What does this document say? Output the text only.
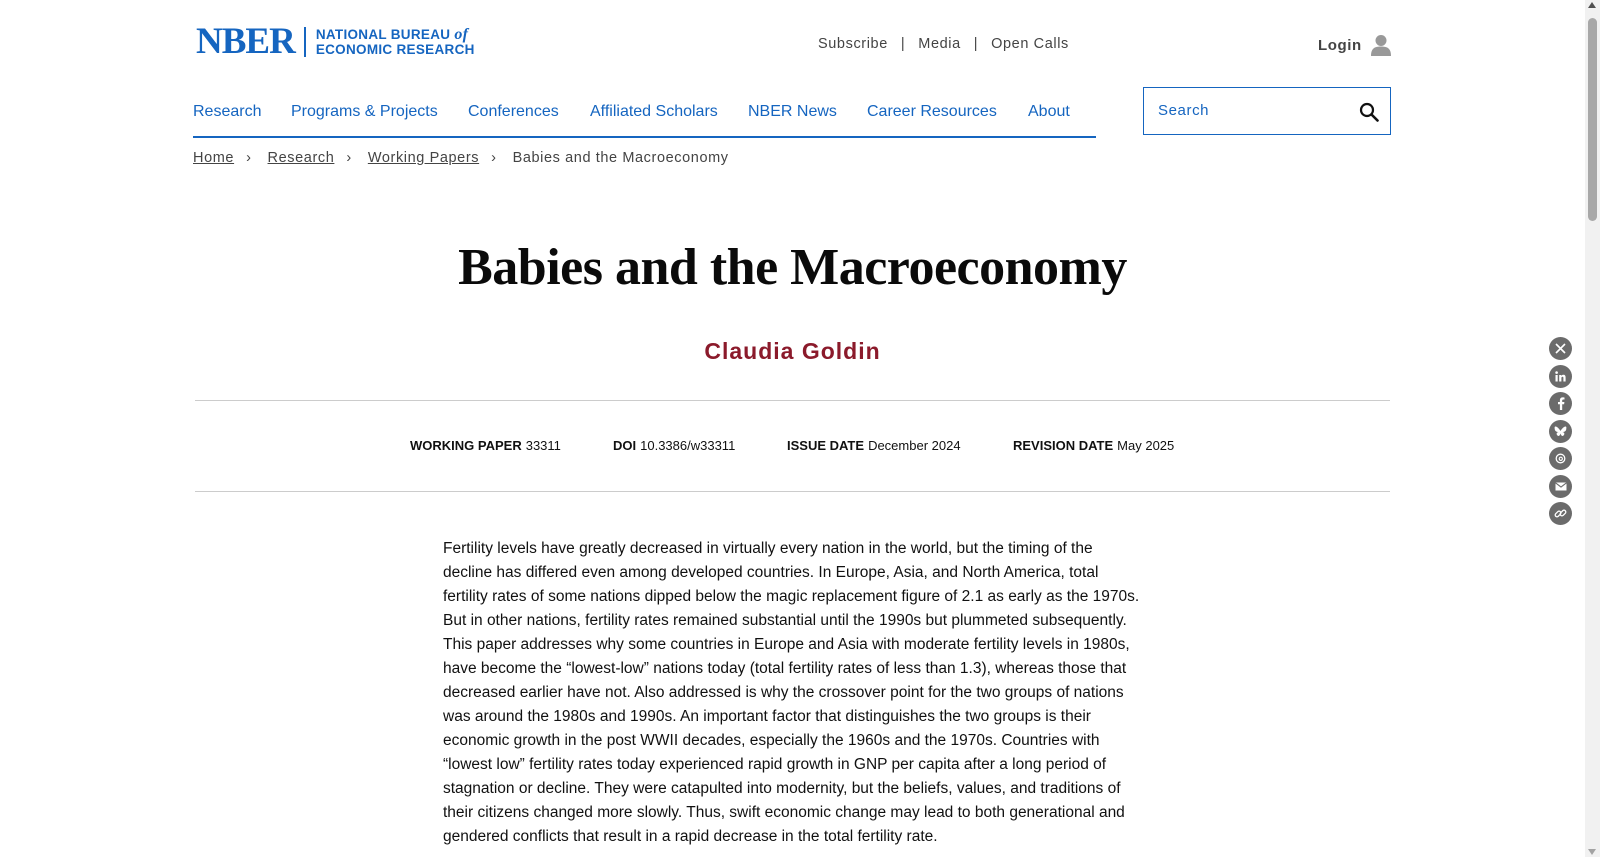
NBER NATIONAL BUREAU of
ECONOMIC RESEARCH	Subscribe | Media | Open Calls	Login
Research Programs & Projects Conferences Affiliated Scholars NBER News Career Resources About
Search
Home › Research › Working Papers › Babies and the Macroeconomy
Babies and the Macroeconomy
Claudia Goldin
WORKING PAPER 33311	DOI 10.3386/w33311	ISSUE DATE December 2024	REVISION DATE May 2025

Fertility levels have greatly decreased in virtually every nation in the world, but the timing of the decline has differed even among developed countries. In Europe, Asia, and North America, total fertility rates of some nations dipped below the magic replacement figure of 2.1 as early as the 1970s. But in other nations, fertility rates remained substantial until the 1990s but plummeted subsequently. This paper addresses why some countries in Europe and Asia with moderate fertility levels in 1980s, have become the “lowest-low” nations today (total fertility rates of less than 1.3), whereas those that decreased earlier have not. Also addressed is why the crossover point for the two groups of nations was around the 1980s and 1990s. An important factor that distinguishes the two groups is their economic growth in the post WWII decades, especially the 1960s and the 1970s. Countries with “lowest low” fertility rates today experienced rapid growth in GNP per capita after a long period of stagnation or decline. They were catapulted into modernity, but the beliefs, values, and traditions of their citizens changed more slowly. Thus, swift economic change may lead to both generational and gendered conflicts that result in a rapid decrease in the total fertility rate.
